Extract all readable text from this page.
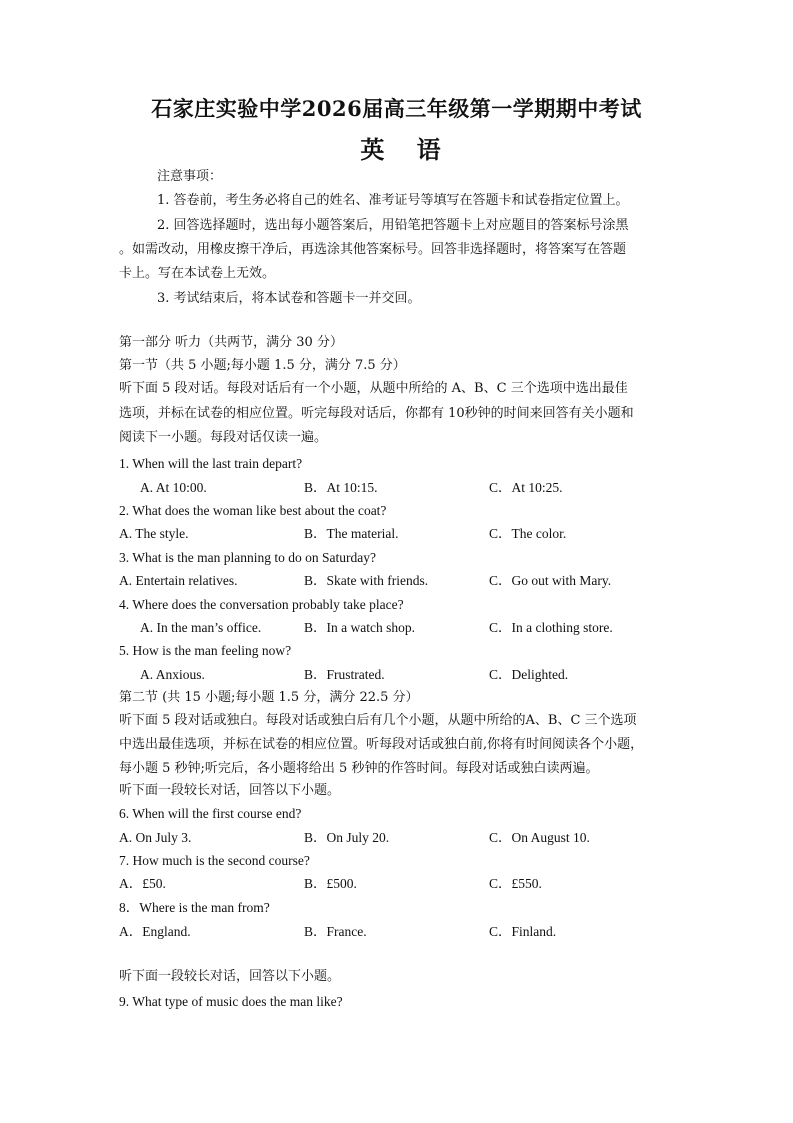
石家庄实验中学2026届高三年级第一学期期中考试
英 语
注意事项：
1. 答卷前，考生务必将自己的姓名、准考证号等填写在答题卡和试卷指定位置上。
2. 回答选择题时，选出每小题答案后，用铅笔把答题卡上对应题目的答案标号涂黑
。如需改动，用橡皮擦干净后，再选涂其他答案标号。回答非选择题时，将答案写在答题
卡上。写在本试卷上无效。
3. 考试结束后，将本试卷和答题卡一并交回。
第一部分 听力（共两节，满分 30 分）
第一节（共 5 小题;每小题 1.5 分，满分 7.5 分）
听下面 5 段对话。每段对话后有一个小题，从题中所给的 A、B、C 三个选项中选出最佳
选项，并标在试卷的相应位置。听完每段对话后，你都有 10秒钟的时间来回答有关小题和
阅读下一小题。每段对话仅读一遍。
1. When will the last train depart?
A. At 10:00.	B．At 10:15.	C．At 10:25.
2. What does the woman like best about the coat?
A. The style.	B．The material.	C．The color.
3. What is the man planning to do on Saturday?
A. Entertain relatives.	B．Skate with friends.	C．Go out with Mary.
4. Where does the conversation probably take place?
A. In the man’s office.	B．In a watch shop.	C．In a clothing store.
5. How is the man feeling now?
A. Anxious.	B．Frustrated.	C．Delighted.
第二节 (共 15 小题;每小题 1.5 分，满分 22.5 分）
听下面 5 段对话或独白。每段对话或独白后有几个小题，从题中所给的A、B、C 三个选项
中选出最佳选项，并标在试卷的相应位置。听每段对话或独白前,你将有时间阅读各个小题，
每小题 5 秒钟;听完后，各小题将给出 5 秒钟的作答时间。每段对话或独白读两遍。
听下面一段较长对话，回答以下小题。
6. When will the first course end?
A. On July 3.	B．On July 20.	C．On August 10.
7. How much is the second course?
A．£50.	B．£500.	C．£550.
8．Where is the man from?
A．England.	B．France.	C．Finland.
听下面一段较长对话，回答以下小题。
9. What type of music does the man like?
